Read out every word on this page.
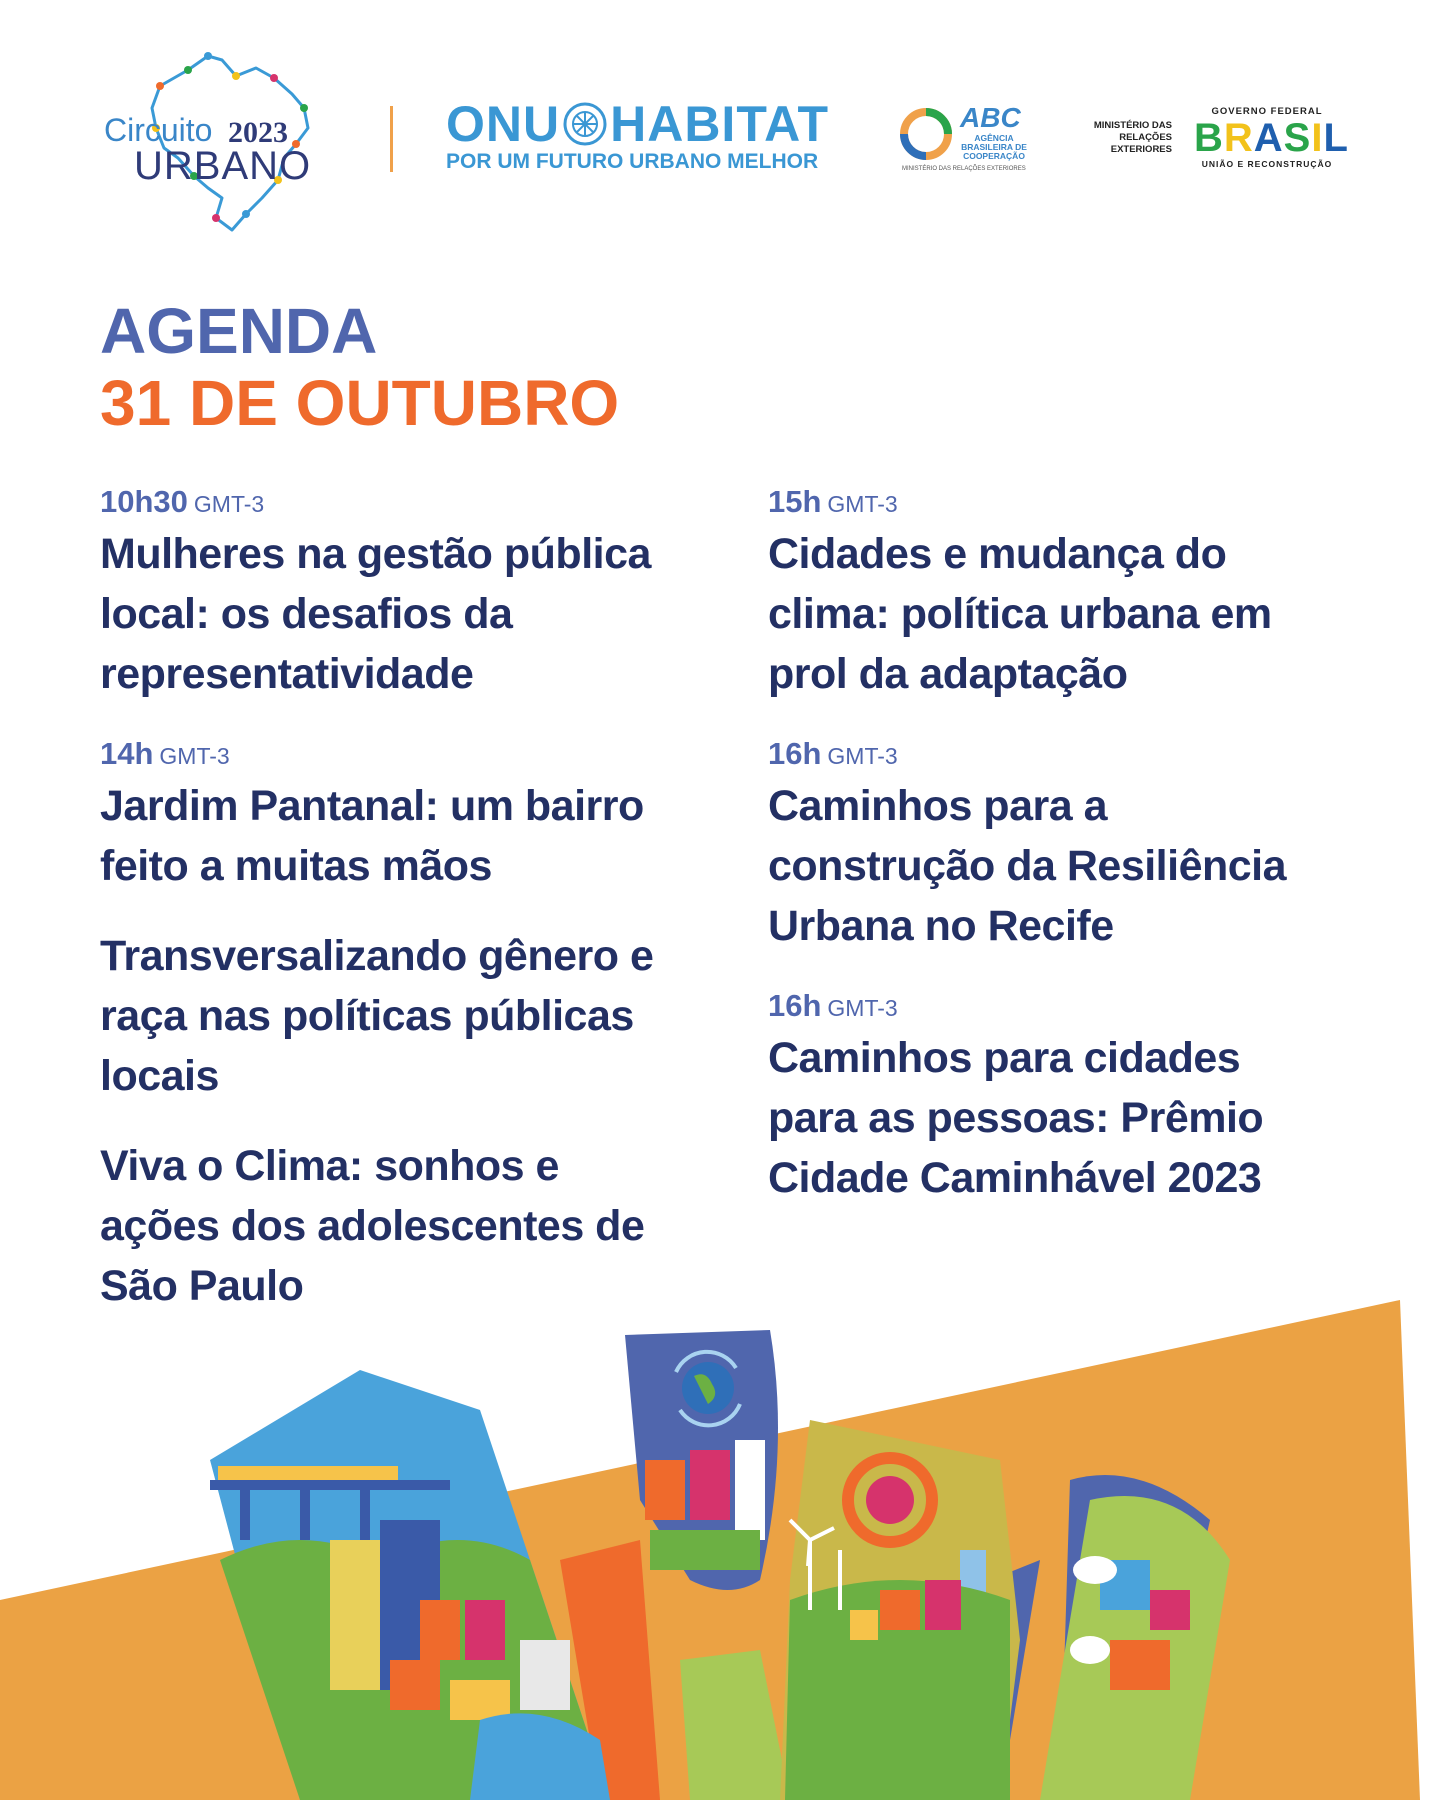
Circuito 2023
URBANO
ONU HABITAT
POR UM FUTURO URBANO MELHOR
ABC
AGÊNCIA
BRASILEIRA DE
COOPERAÇÃO
MINISTÉRIO DAS RELAÇÕES EXTERIORES
MINISTÉRIO DAS
RELAÇÕES
EXTERIORES
GOVERNO FEDERAL
BRASIL
UNIÃO E RECONSTRUÇÃO
AGENDA
31 DE OUTUBRO
10h30 GMT-3
Mulheres na gestão pública
local: os desafios da
representatividade
14h GMT-3
Jardim Pantanal: um bairro
feito a muitas mãos
Transversalizando gênero e
raça nas políticas públicas
locais
Viva o Clima: sonhos e
ações dos adolescentes de
São Paulo
15h GMT-3
Cidades e mudança do
clima: política urbana em
prol da adaptação
16h GMT-3
Caminhos para a
construção da Resiliência
Urbana no Recife
16h GMT-3
Caminhos para cidades
para as pessoas: Prêmio
Cidade Caminhável 2023
